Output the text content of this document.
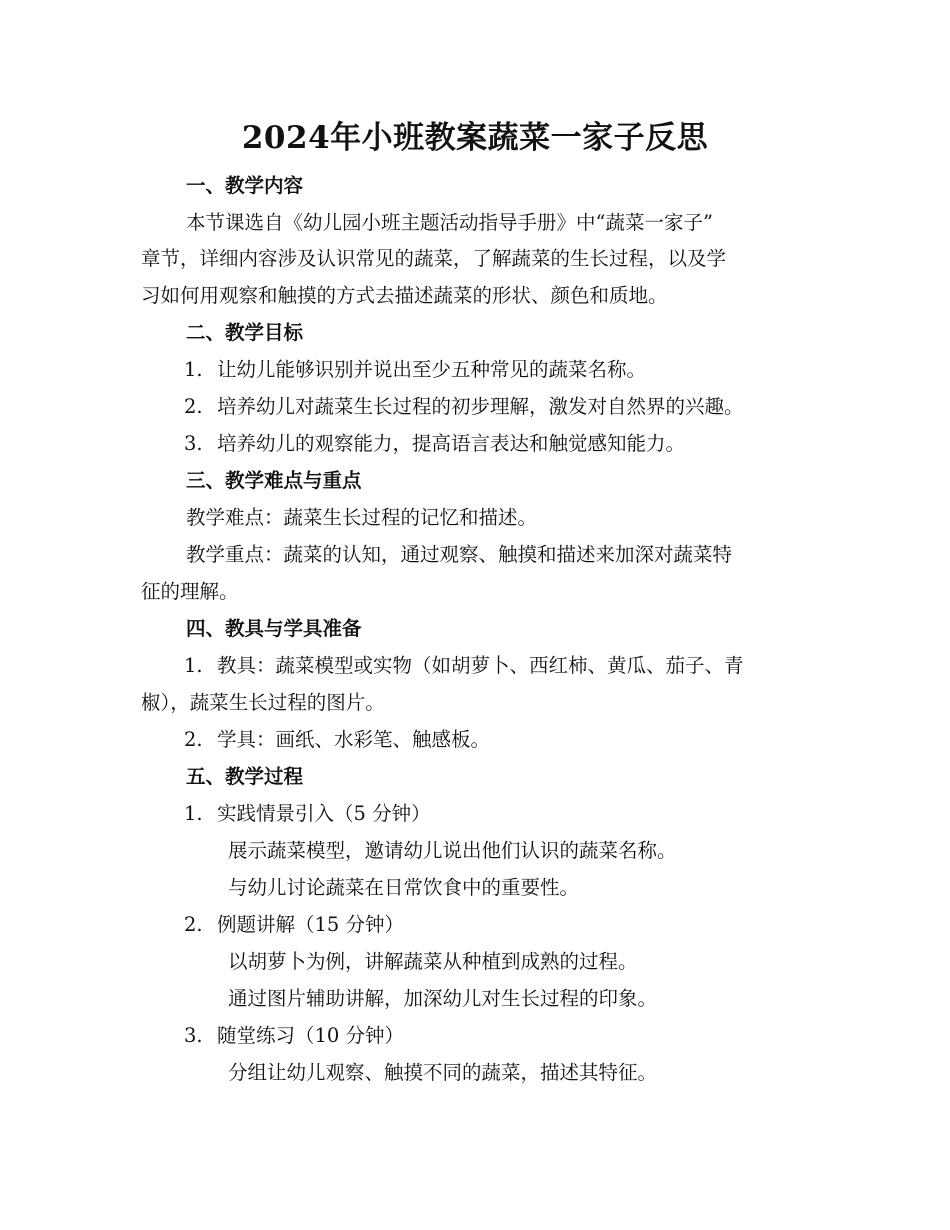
2024年小班教案蔬菜一家子反思
一、教学内容
本节课选自《幼儿园小班主题活动指导手册》中“蔬菜一家子”
章节，详细内容涉及认识常见的蔬菜，了解蔬菜的生长过程，以及学
习如何用观察和触摸的方式去描述蔬菜的形状、颜色和质地。
二、教学目标
1. 让幼儿能够识别并说出至少五种常见的蔬菜名称。
2. 培养幼儿对蔬菜生长过程的初步理解，激发对自然界的兴趣。
3. 培养幼儿的观察能力，提高语言表达和触觉感知能力。
三、教学难点与重点
教学难点：蔬菜生长过程的记忆和描述。
教学重点：蔬菜的认知，通过观察、触摸和描述来加深对蔬菜特
征的理解。
四、教具与学具准备
1. 教具：蔬菜模型或实物（如胡萝卜、西红柿、黄瓜、茄子、青
椒），蔬菜生长过程的图片。
2. 学具：画纸、水彩笔、触感板。
五、教学过程
1. 实践情景引入（5 分钟）
展示蔬菜模型，邀请幼儿说出他们认识的蔬菜名称。
与幼儿讨论蔬菜在日常饮食中的重要性。
2. 例题讲解（15 分钟）
以胡萝卜为例，讲解蔬菜从种植到成熟的过程。
通过图片辅助讲解，加深幼儿对生长过程的印象。
3. 随堂练习（10 分钟）
分组让幼儿观察、触摸不同的蔬菜，描述其特征。
